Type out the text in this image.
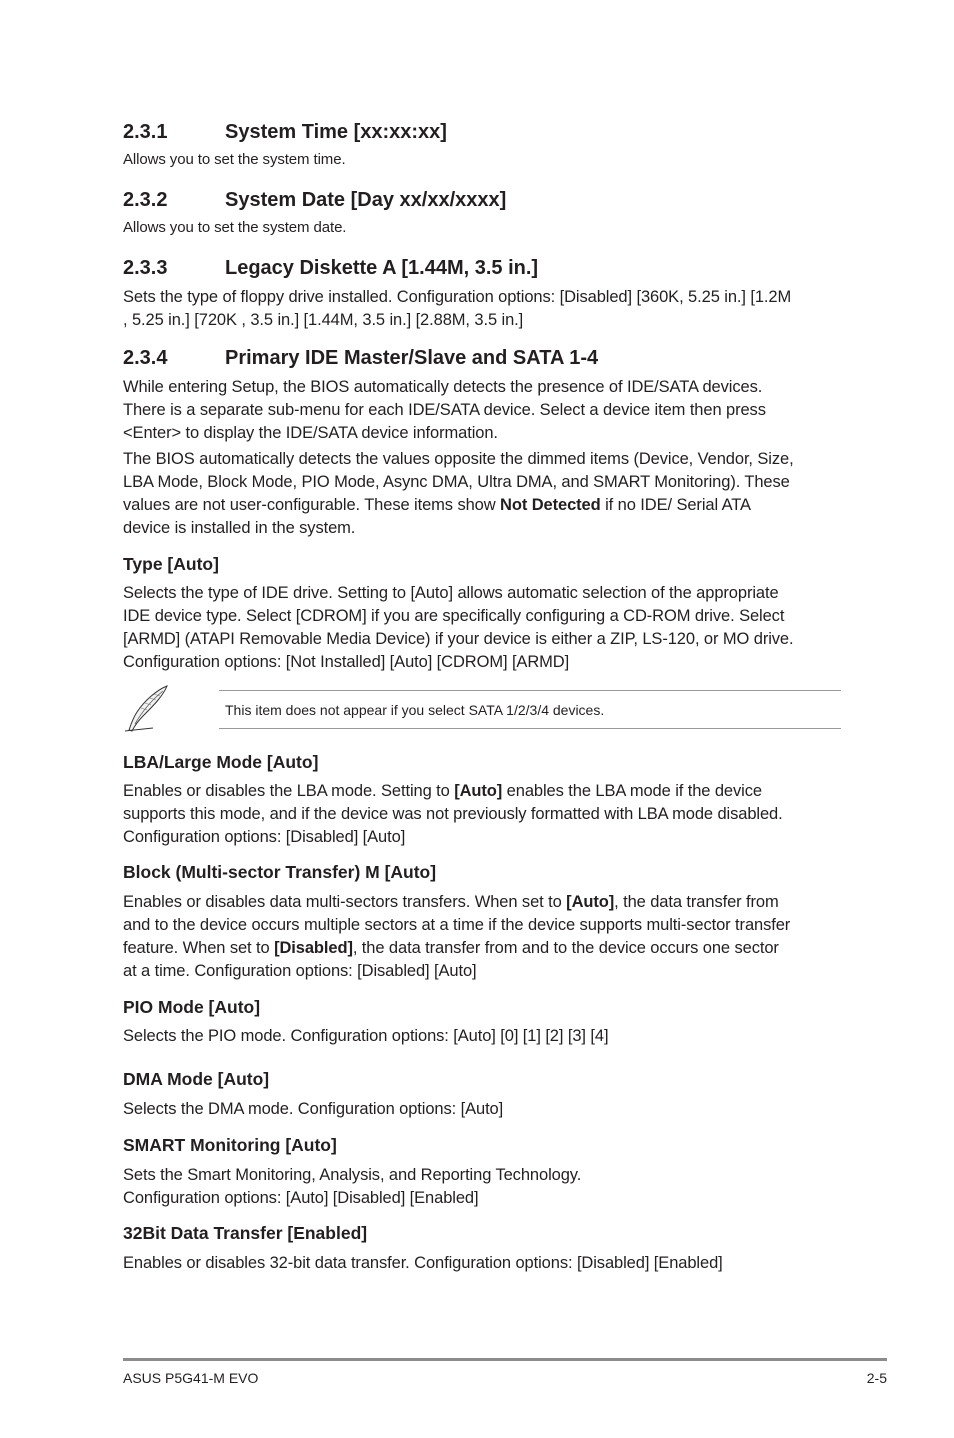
2.3.1	System Time [xx:xx:xx]

Allows you to set the system time.

2.3.2	System Date [Day xx/xx/xxxx]

Allows you to set the system date.

2.3.3	Legacy Diskette A [1.44M, 3.5 in.]

Sets the type of floppy drive installed. Configuration options: [Disabled] [360K, 5.25 in.] [1.2M
, 5.25 in.] [720K , 3.5 in.] [1.44M, 3.5 in.] [2.88M, 3.5 in.]

2.3.4	Primary IDE Master/Slave and SATA 1-4

While entering Setup, the BIOS automatically detects the presence of IDE/SATA devices.
There is a separate sub-menu for each IDE/SATA device. Select a device item then press
<Enter> to display the IDE/SATA device information.

The BIOS automatically detects the values opposite the dimmed items (Device, Vendor, Size,
LBA Mode, Block Mode, PIO Mode, Async DMA, Ultra DMA, and SMART Monitoring). These
values are not user-configurable. These items show Not Detected if no IDE/ Serial ATA
device is installed in the system.

Type [Auto]

Selects the type of IDE drive. Setting to [Auto] allows automatic selection of the appropriate
IDE device type. Select [CDROM] if you are specifically configuring a CD-ROM drive. Select
[ARMD] (ATAPI Removable Media Device) if your device is either a ZIP, LS-120, or MO drive.
Configuration options: [Not Installed] [Auto] [CDROM] [ARMD]

This item does not appear if you select SATA 1/2/3/4 devices.
LBA/Large Mode [Auto]

Enables or disables the LBA mode. Setting to [Auto] enables the LBA mode if the device
supports this mode, and if the device was not previously formatted with LBA mode disabled.
Configuration options: [Disabled] [Auto]

Block (Multi-sector Transfer) M [Auto]

Enables or disables data multi-sectors transfers. When set to [Auto], the data transfer from
and to the device occurs multiple sectors at a time if the device supports multi-sector transfer
feature. When set to [Disabled], the data transfer from and to the device occurs one sector
at a time. Configuration options: [Disabled] [Auto]

PIO Mode [Auto]

Selects the PIO mode. Configuration options: [Auto] [0] [1] [2] [3] [4]

DMA Mode [Auto]

Selects the DMA mode. Configuration options: [Auto]

SMART Monitoring [Auto]

Sets the Smart Monitoring, Analysis, and Reporting Technology.
Configuration options: [Auto] [Disabled] [Enabled]

32Bit Data Transfer [Enabled]

Enables or disables 32-bit data transfer. Configuration options: [Disabled] [Enabled]

ASUS P5G41-M EVO	2-5
